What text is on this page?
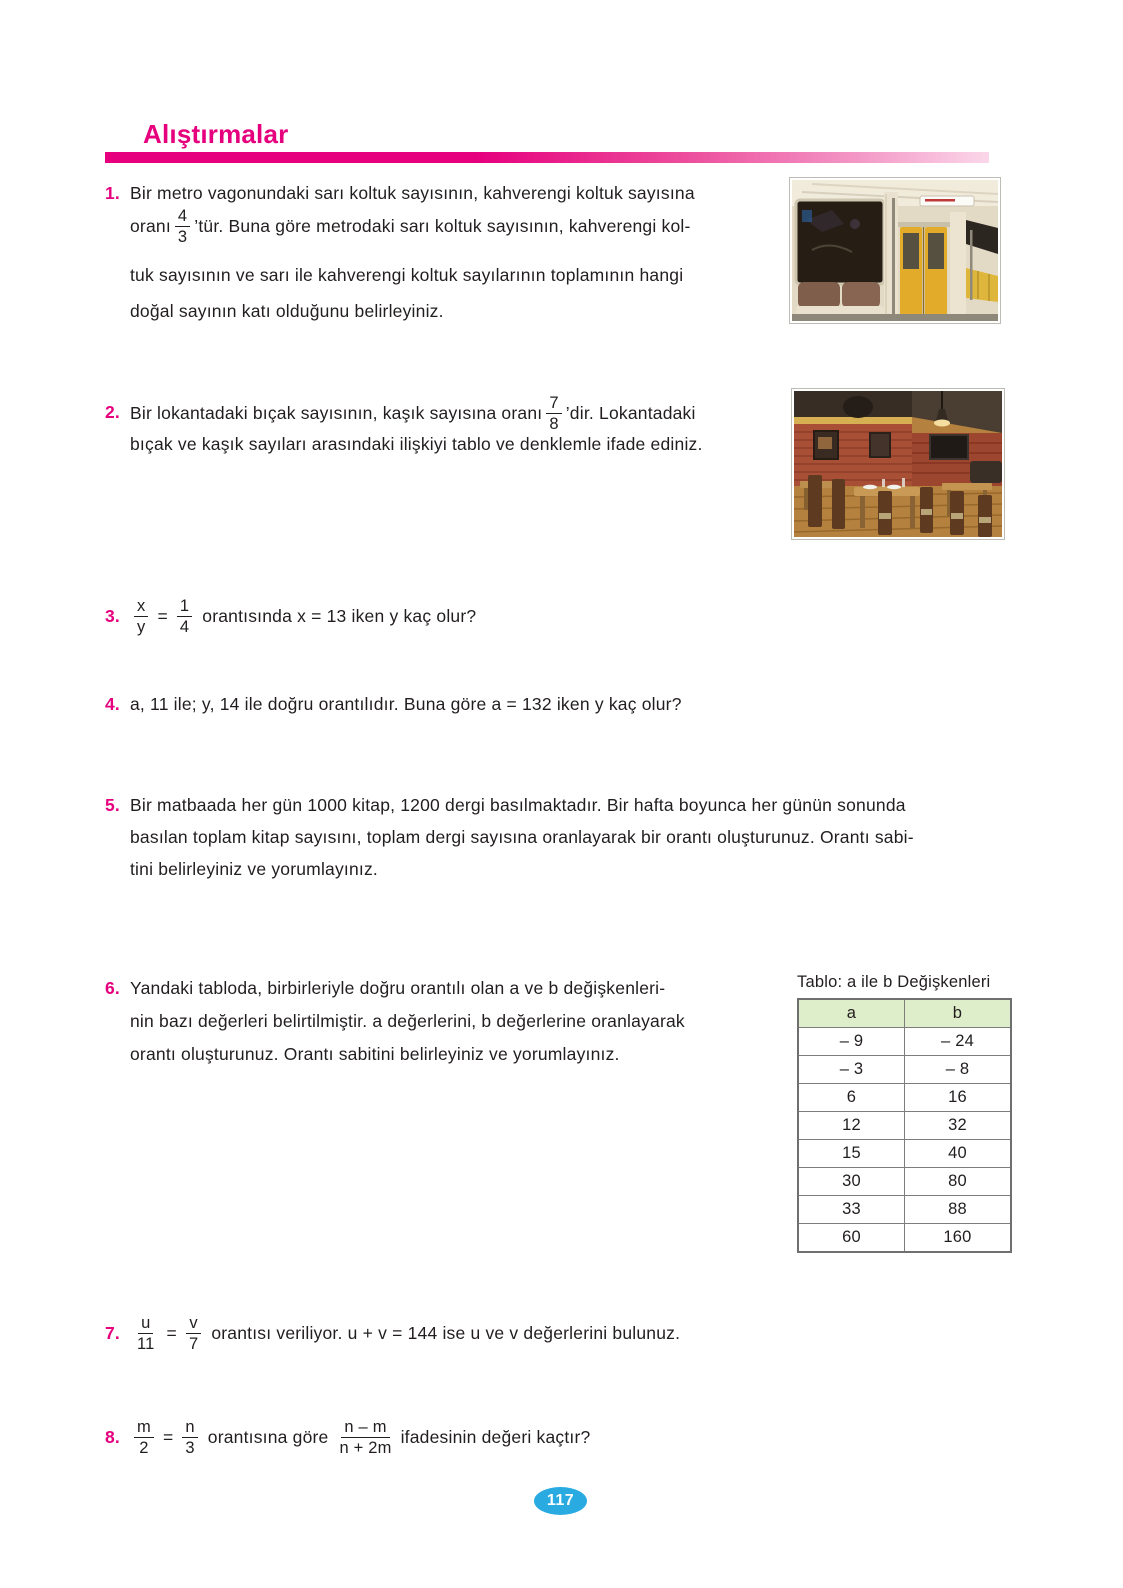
Alıştırmalar
1. Bir metro vagonundaki sarı koltuk sayısının, kahverengi koltuk sayısına
oranı $\frac{4}{3}$ ’tür. Buna göre metrodaki sarı koltuk sayısının, kahverengi kol-
tuk sayısının ve sarı ile kahverengi koltuk sayılarının toplamının hangi
doğal sayının katı olduğunu belirleyiniz.
2. Bir lokantadaki bıçak sayısının, kaşık sayısına oranı $\frac{7}{8}$ ’dir. Lokantadaki
bıçak ve kaşık sayıları arasındaki ilişkiyi tablo ve denklemle ifade ediniz.
3. $\frac{x}{y} = \frac{1}{4}$ orantısında x = 13 iken y kaç olur?
4. a, 11 ile; y, 14 ile doğru orantılıdır. Buna göre a = 132 iken y kaç olur?
5. Bir matbaada her gün 1000 kitap, 1200 dergi basılmaktadır. Bir hafta boyunca her günün sonunda
basılan toplam kitap sayısını, toplam dergi sayısına oranlayarak bir orantı oluşturunuz. Orantı sabi-
tini belirleyiniz ve yorumlayınız.
6. Yandaki tabloda, birbirleriyle doğru orantılı olan a ve b değişkenleri-
nin bazı değerleri belirtilmiştir. a değerlerini, b değerlerine oranlayarak
orantı oluşturunuz. Orantı sabitini belirleyiniz ve yorumlayınız.
Tablo: a ile b Değişkenleri
a	b
– 9	– 24
– 3	– 8
6	16
12	32
15	40
30	80
33	88
60	160
7. $\frac{u}{11} = \frac{v}{7}$ orantısı veriliyor. u + v = 144 ise u ve v değerlerini bulunuz.
8. $\frac{m}{2} = \frac{n}{3}$ orantısına göre $\frac{n - m}{n + 2m}$ ifadesinin değeri kaçtır?
117
